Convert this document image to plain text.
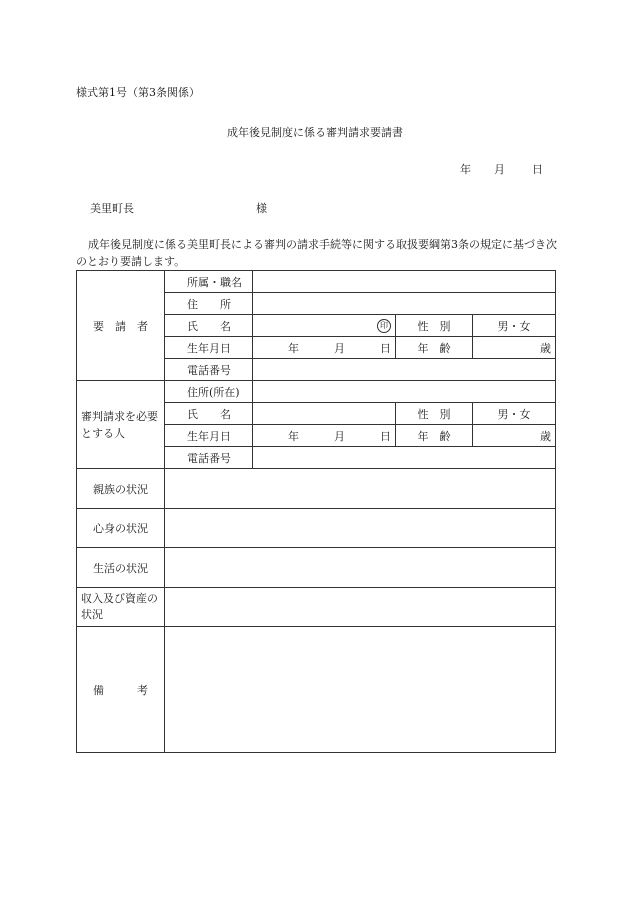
様式第1号（第3条関係）
成年後見制度に係る審判請求要請書
年 月 日
美里町長	様
成年後見制度に係る美里町長による審判の請求手続等に関する取扱要綱第3条の規定に基づき次のとおり要請します。
要　請　者	所属・職名			
	住　　所			
	氏　　名	印	性　別	男・女
	生年月日	年 月 日	年　齢	歳
	電話番号			
審判請求を必要とする人	住所(所在)			
	氏　　名		性　別	男・女
	生年月日	年 月 日	年　齢	歳
	電話番号			
親族の状況				
心身の状況				
生活の状況				
収入及び資産の状況				
備　　　考				
